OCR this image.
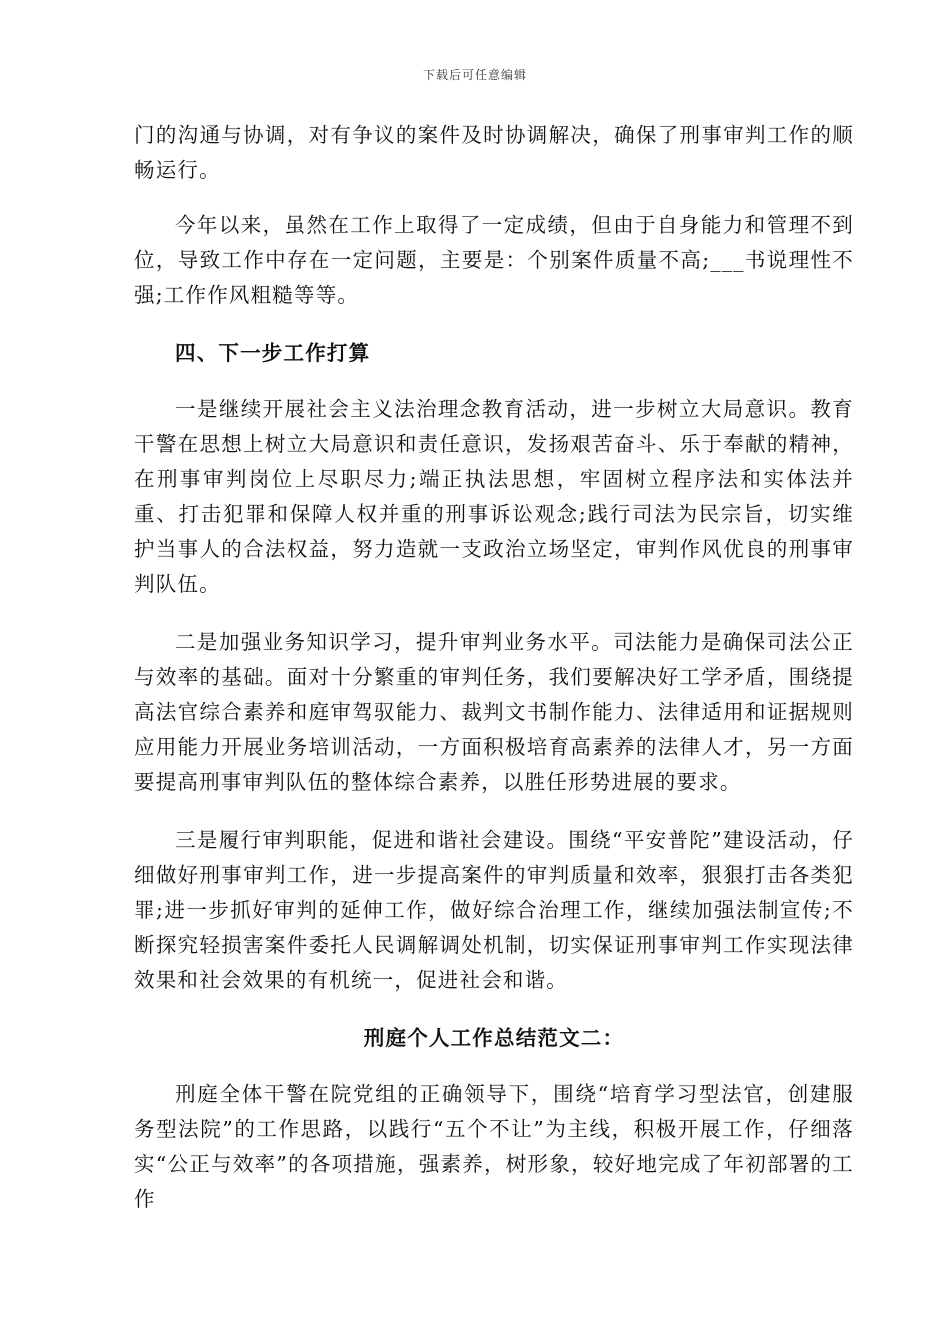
下载后可任意编辑

门的沟通与协调，对有争议的案件及时协调解决，确保了刑事审判工作的顺畅运行。

今年以来，虽然在工作上取得了一定成绩，但由于自身能力和管理不到位，导致工作中存在一定问题，主要是：个别案件质量不高;___书说理性不强;工作作风粗糙等等。

四、下一步工作打算

一是继续开展社会主义法治理念教育活动，进一步树立大局意识。教育干警在思想上树立大局意识和责任意识，发扬艰苦奋斗、乐于奉献的精神，在刑事审判岗位上尽职尽力;端正执法思想，牢固树立程序法和实体法并重、打击犯罪和保障人权并重的刑事诉讼观念;践行司法为民宗旨，切实维护当事人的合法权益，努力造就一支政治立场坚定，审判作风优良的刑事审判队伍。

二是加强业务知识学习，提升审判业务水平。司法能力是确保司法公正与效率的基础。面对十分繁重的审判任务，我们要解决好工学矛盾，围绕提高法官综合素养和庭审驾驭能力、裁判文书制作能力、法律适用和证据规则应用能力开展业务培训活动，一方面积极培育高素养的法律人才，另一方面要提高刑事审判队伍的整体综合素养，以胜任形势进展的要求。

三是履行审判职能，促进和谐社会建设。围绕“平安普陀”建设活动，仔细做好刑事审判工作，进一步提高案件的审判质量和效率，狠狠打击各类犯罪;进一步抓好审判的延伸工作，做好综合治理工作，继续加强法制宣传;不断探究轻损害案件委托人民调解调处机制，切实保证刑事审判工作实现法律效果和社会效果的有机统一，促进社会和谐。

刑庭个人工作总结范文二：

刑庭全体干警在院党组的正确领导下，围绕“培育学习型法官，创建服务型法院”的工作思路，以践行“五个不让”为主线，积极开展工作，仔细落实“公正与效率”的各项措施，强素养，树形象，较好地完成了年初部署的工作
